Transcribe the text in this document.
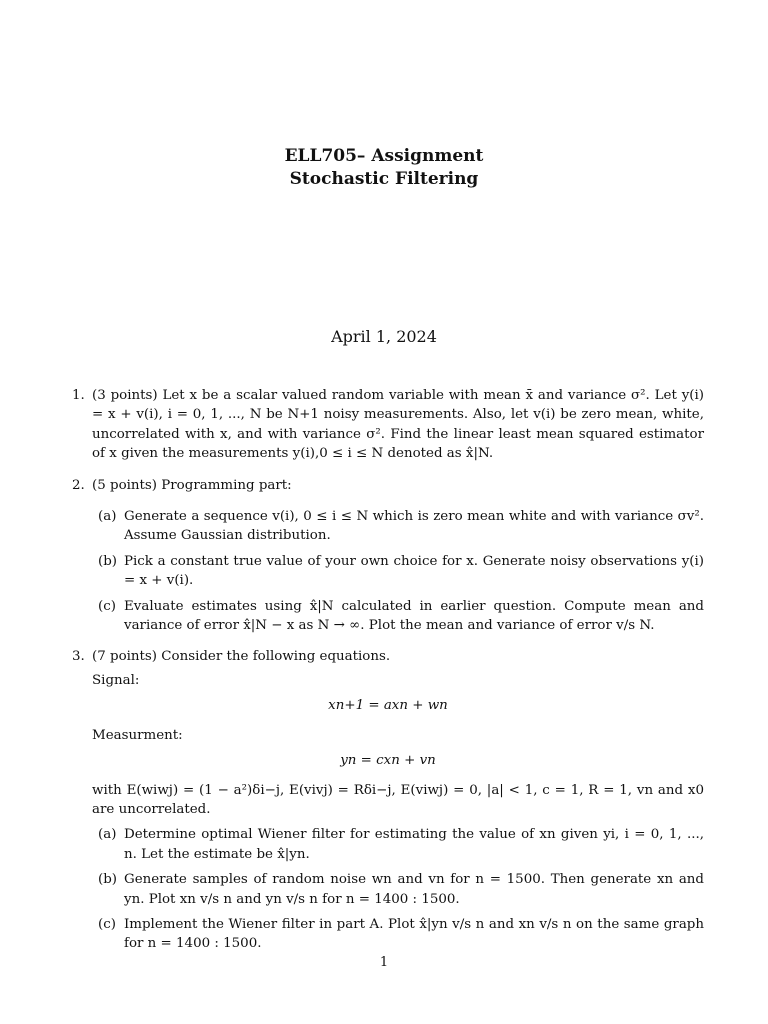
ELL705– Assignment
Stochastic Filtering
April 1, 2024
1. (3 points) Let x be a scalar valued random variable with mean x̄ and variance σ². Let y(i) = x + v(i), i = 0, 1, ..., N be N+1 noisy measurements. Also, let v(i) be zero mean, white, uncorrelated with x, and with variance σ². Find the linear least mean squared estimator of x given the measurements y(i),0 ≤ i ≤ N denoted as x̂|N.
2. (5 points) Programming part:
(a) Generate a sequence v(i), 0 ≤ i ≤ N which is zero mean white and with variance σv². Assume Gaussian distribution.
(b) Pick a constant true value of your own choice for x. Generate noisy observations y(i) = x + v(i).
(c) Evaluate estimates using x̂|N calculated in earlier question. Compute mean and variance of error x̂|N − x as N → ∞. Plot the mean and variance of error v/s N.
3. (7 points) Consider the following equations.
Signal:
xn+1 = axn + wn
Measurment:
yn = cxn + vn
with E(wiwj) = (1 − a²)δi−j, E(vivj) = Rδi−j, E(viwj) = 0, |a| < 1, c = 1, R = 1, vn and x0 are uncorrelated.
(a) Determine optimal Wiener filter for estimating the value of xn given yi, i = 0, 1, ..., n. Let the estimate be x̂|yn.
(b) Generate samples of random noise wn and vn for n = 1500. Then generate xn and yn. Plot xn v/s n and yn v/s n for n = 1400 : 1500.
(c) Implement the Wiener filter in part A. Plot x̂|yn v/s n and xn v/s n on the same graph for n = 1400 : 1500.
1
